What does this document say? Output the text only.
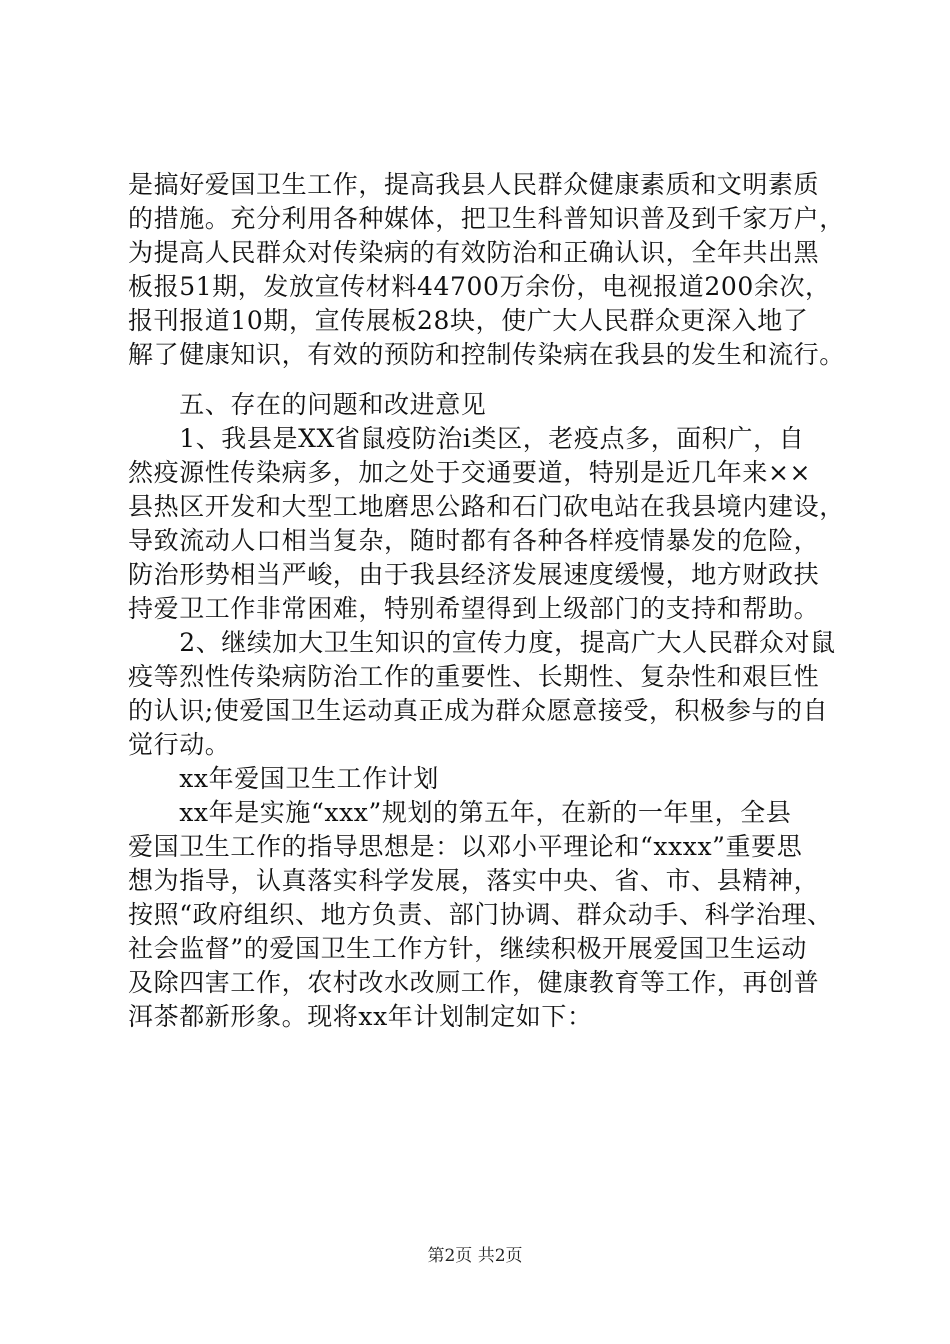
是搞好爱国卫生工作，提高我县人民群众健康素质和文明素质
的措施。充分利用各种媒体，把卫生科普知识普及到千家万户，
为提高人民群众对传染病的有效防治和正确认识，全年共出黑
板报51期，发放宣传材料44700万余份，电视报道200余次，
报刊报道10期，宣传展板28块，使广大人民群众更深入地了
解了健康知识，有效的预防和控制传染病在我县的发生和流行。
　　五、存在的问题和改进意见
　　1、我县是XX省鼠疫防治ⅰ类区，老疫点多，面积广，自
然疫源性传染病多，加之处于交通要道，特别是近几年来××
县热区开发和大型工地磨思公路和石门砍电站在我县境内建设，
导致流动人口相当复杂，随时都有各种各样疫情暴发的危险，
防治形势相当严峻，由于我县经济发展速度缓慢，地方财政扶
持爱卫工作非常困难，特别希望得到上级部门的支持和帮助。
　　2、继续加大卫生知识的宣传力度，提高广大人民群众对鼠
疫等烈性传染病防治工作的重要性、长期性、复杂性和艰巨性
的认识;使爱国卫生运动真正成为群众愿意接受，积极参与的自
觉行动。
　　xx年爱国卫生工作计划
　　xx年是实施“xxx”规划的第五年，在新的一年里，全县
爱国卫生工作的指导思想是：以邓小平理论和“xxxx”重要思
想为指导，认真落实科学发展，落实中央、省、市、县精神，
按照“政府组织、地方负责、部门协调、群众动手、科学治理、
社会监督”的爱国卫生工作方针，继续积极开展爱国卫生运动
及除四害工作，农村改水改厕工作，健康教育等工作，再创普
洱茶都新形象。现将xx年计划制定如下：
第2页 共2页
